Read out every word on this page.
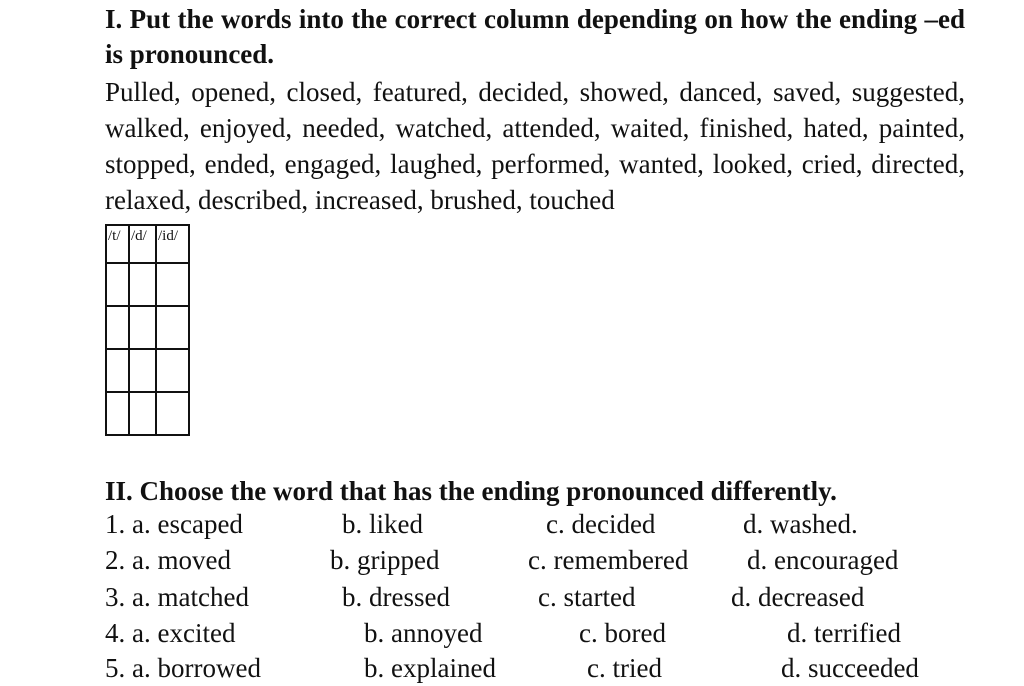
I. Put the words into the correct column depending on how the ending –ed is pronounced.

Pulled, opened, closed, featured, decided, showed, danced, saved, suggested, walked, enjoyed, needed, watched, attended, waited, finished, hated, painted, stopped, ended, engaged, laughed, performed, wanted, looked, cried, directed, relaxed, described, increased, brushed, touched

/t/	/d/	/id/

II. Choose the word that has the ending pronounced differently.

1. a. escaped	b. liked	c. decided	d. washed.
2. a. moved	b. gripped	c. remembered d. encouraged
3. a. matched	b. dressed	c. started	d. decreased
4. a. excited	b. annoyed	c. bored	d. terrified
5. a. borrowed	b. explained	c. tried	d. succeeded
